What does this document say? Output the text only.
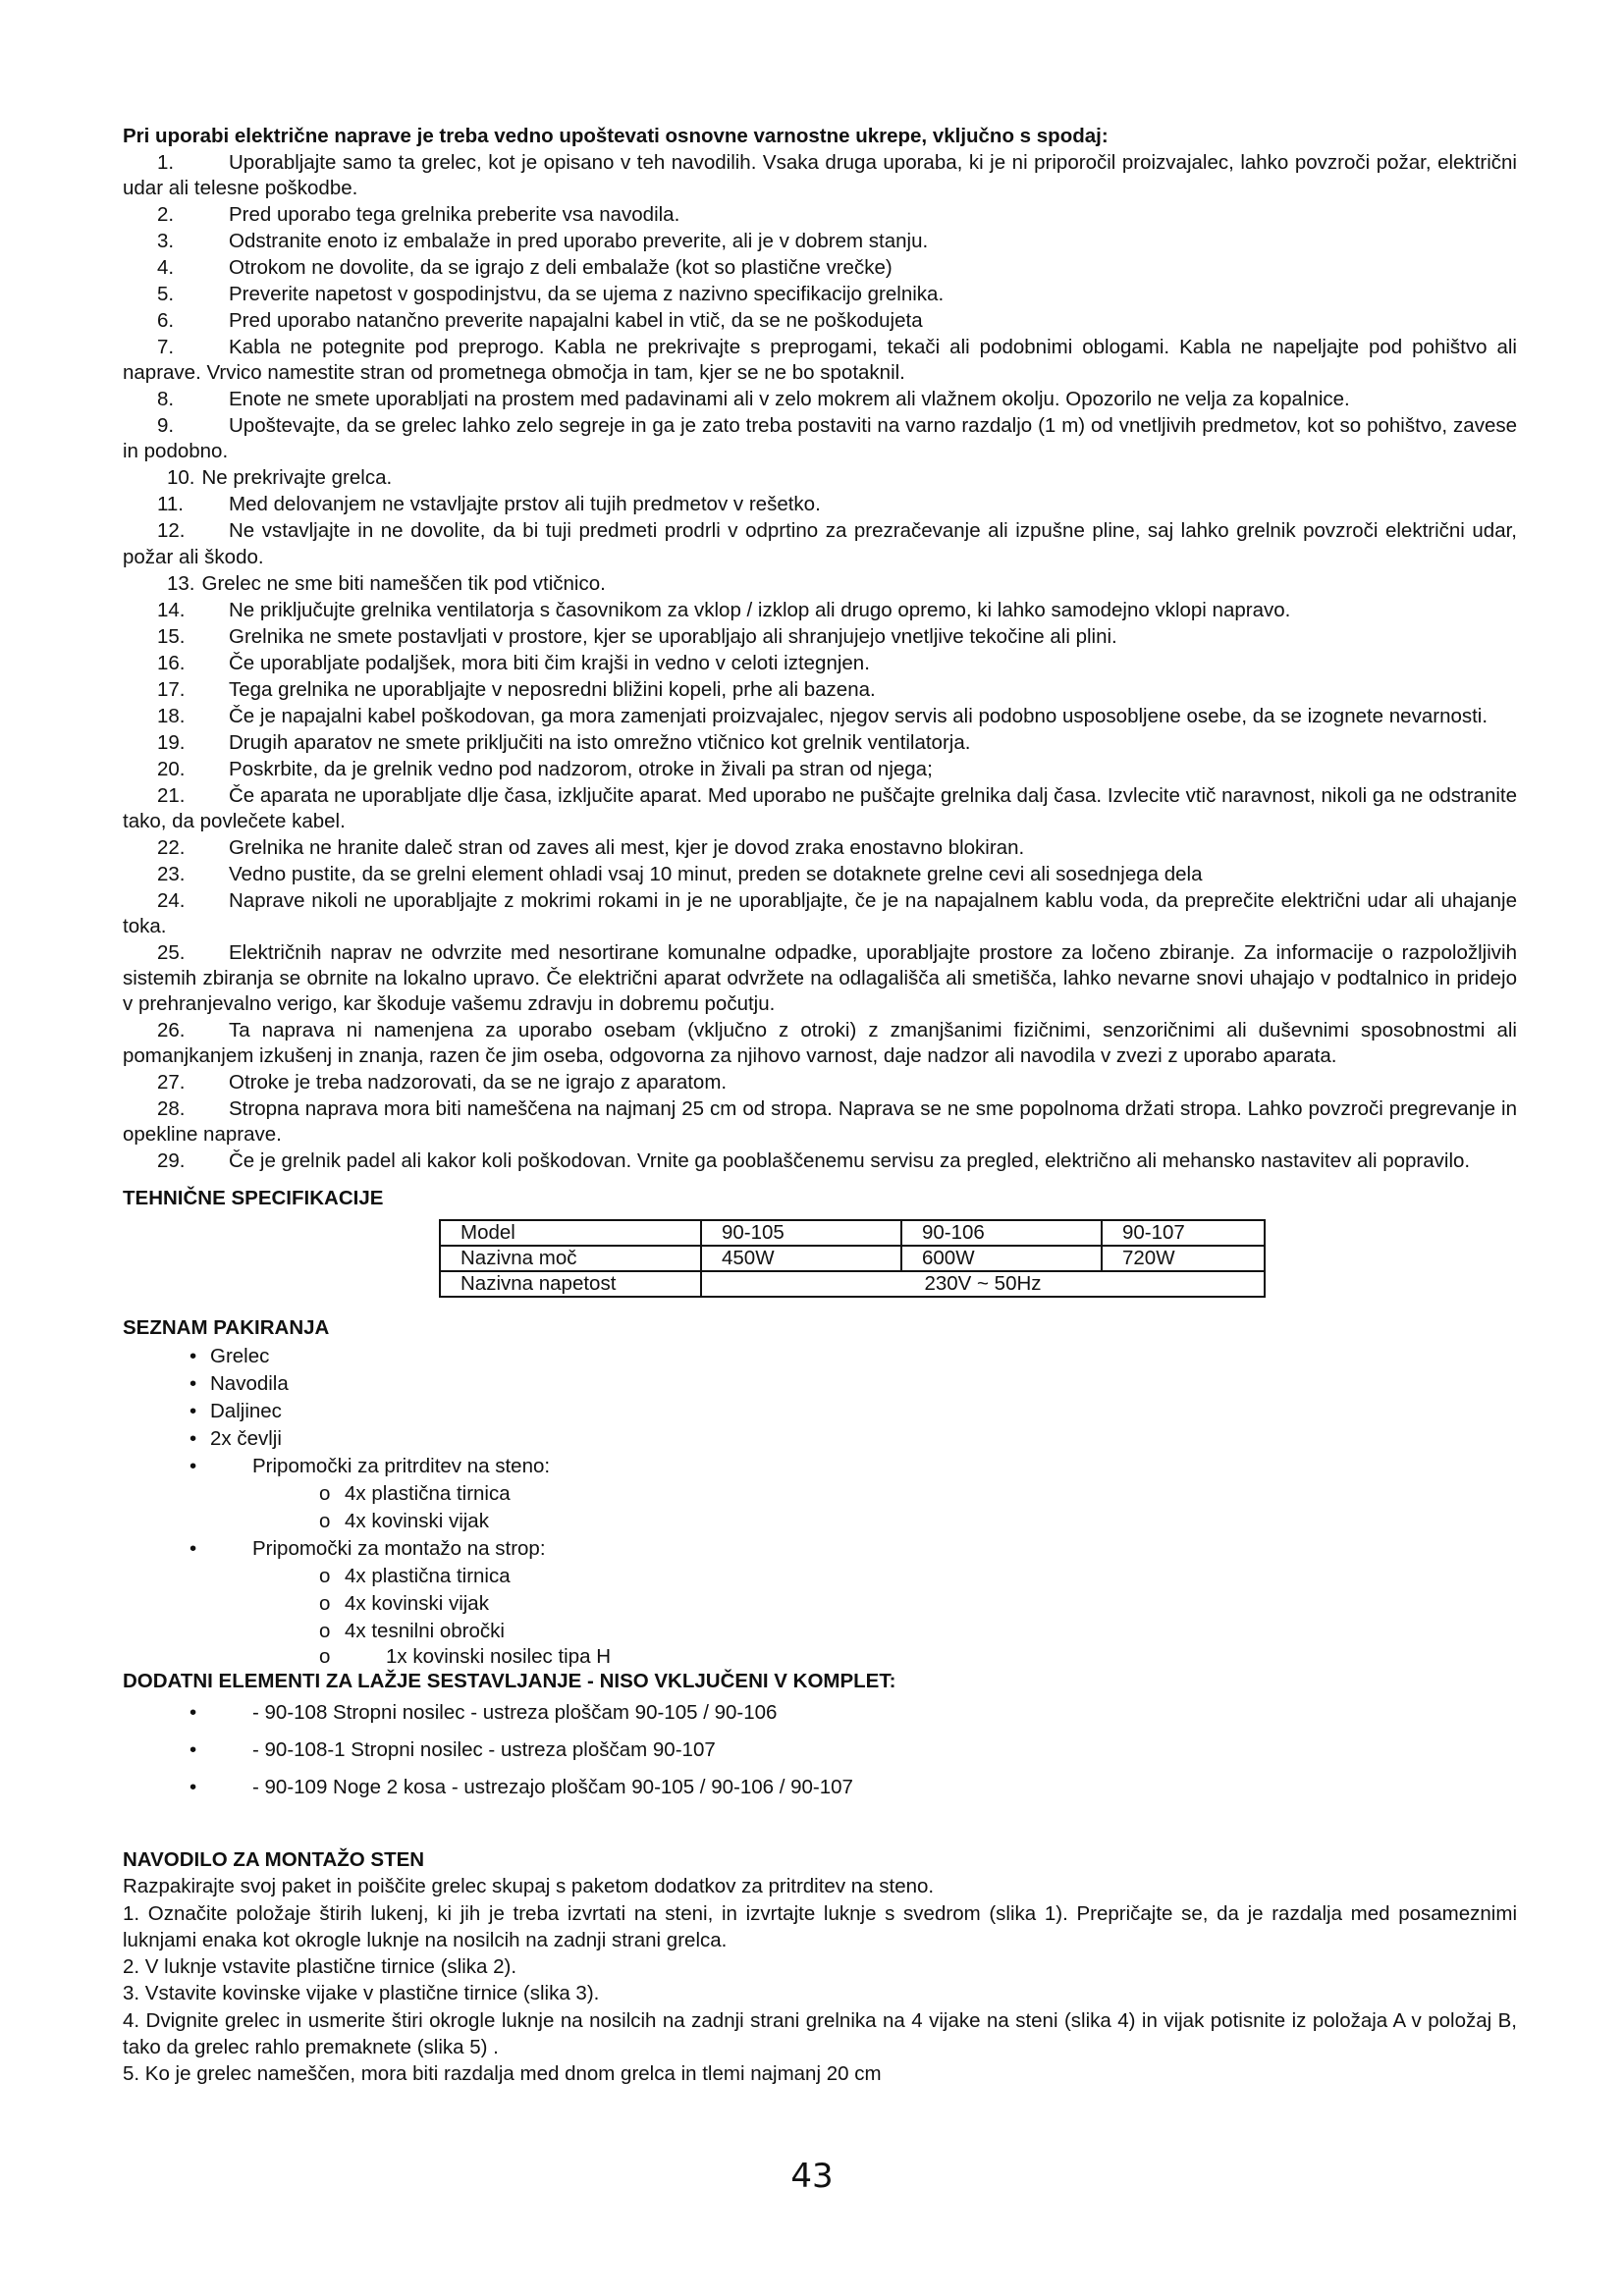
Pri uporabi električne naprave je treba vedno upoštevati osnovne varnostne ukrepe, vključno s spodaj:

1.	Uporabljajte samo ta grelec, kot je opisano v teh navodilih. Vsaka druga uporaba, ki je ni priporočil proizvajalec, lahko povzroči požar, električni udar ali telesne poškodbe.

2.	Pred uporabo tega grelnika preberite vsa navodila.

3.	Odstranite enoto iz embalaže in pred uporabo preverite, ali je v dobrem stanju.

4.	Otrokom ne dovolite, da se igrajo z deli embalaže (kot so plastične vrečke)

5.	Preverite napetost v gospodinjstvu, da se ujema z nazivno specifikacijo grelnika.

6.	Pred uporabo natančno preverite napajalni kabel in vtič, da se ne poškodujeta

7.	Kabla ne potegnite pod preprogo. Kabla ne prekrivajte s preprogami, tekači ali podobnimi oblogami. Kabla ne napeljajte pod pohištvo ali naprave. Vrvico namestite stran od prometnega območja in tam, kjer se ne bo spotaknil.

8.	Enote ne smete uporabljati na prostem med padavinami ali v zelo mokrem ali vlažnem okolju. Opozorilo ne velja za kopalnice.

9.	Upoštevajte, da se grelec lahko zelo segreje in ga je zato treba postaviti na varno razdaljo (1 m) od vnetljivih predmetov, kot so pohištvo, zavese in podobno.

10. Ne prekrivajte grelca.

11. Med delovanjem ne vstavljajte prstov ali tujih predmetov v rešetko.

12. Ne vstavljajte in ne dovolite, da bi tuji predmeti prodrli v odprtino za prezračevanje ali izpušne pline, saj lahko grelnik povzroči električni udar, požar ali škodo.

13. Grelec ne sme biti nameščen tik pod vtičnico.

14. Ne priključujte grelnika ventilatorja s časovnikom za vklop / izklop ali drugo opremo, ki lahko samodejno vklopi napravo.

15. Grelnika ne smete postavljati v prostore, kjer se uporabljajo ali shranjujejo vnetljive tekočine ali plini.

16. Če uporabljate podaljšek, mora biti čim krajši in vedno v celoti iztegnjen.

17. Tega grelnika ne uporabljajte v neposredni bližini kopeli, prhe ali bazena.

18. Če je napajalni kabel poškodovan, ga mora zamenjati proizvajalec, njegov servis ali podobno usposobljene osebe, da se izognete nevarnosti.

19. Drugih aparatov ne smete priključiti na isto omrežno vtičnico kot grelnik ventilatorja.

20. Poskrbite, da je grelnik vedno pod nadzorom, otroke in živali pa stran od njega;

21. Če aparata ne uporabljate dlje časa, izključite aparat. Med uporabo ne puščajte grelnika dalj časa. Izvlecite vtič naravnost, nikoli ga ne odstranite tako, da povlečete kabel.

22. Grelnika ne hranite daleč stran od zaves ali mest, kjer je dovod zraka enostavno blokiran.

23. Vedno pustite, da se grelni element ohladi vsaj 10 minut, preden se dotaknete grelne cevi ali sosednjega dela

24. Naprave nikoli ne uporabljajte z mokrimi rokami in je ne uporabljajte, če je na napajalnem kablu voda, da preprečite električni udar ali uhajanje toka.

25. Električnih naprav ne odvrzite med nesortirane komunalne odpadke, uporabljajte prostore za ločeno zbiranje. Za informacije o razpoložljivih sistemih zbiranja se obrnite na lokalno upravo. Če električni aparat odvržete na odlagališča ali smetišča, lahko nevarne snovi uhajajo v podtalnico in pridejo v prehranjevalno verigo, kar škoduje vašemu zdravju in dobremu počutju.

26. Ta naprava ni namenjena za uporabo osebam (vključno z otroki) z zmanjšanimi fizičnimi, senzoričnimi ali duševnimi sposobnostmi ali pomanjkanjem izkušenj in znanja, razen če jim oseba, odgovorna za njihovo varnost, daje nadzor ali navodila v zvezi z uporabo aparata.

27. Otroke je treba nadzorovati, da se ne igrajo z aparatom.

28. Stropna naprava mora biti nameščena na najmanj 25 cm od stropa. Naprava se ne sme popolnoma držati stropa. Lahko povzroči pregrevanje in opekline naprave.

29. Če je grelnik padel ali kakor koli poškodovan. Vrnite ga pooblaščenemu servisu za pregled, električno ali mehansko nastavitev ali popravilo.

TEHNIČNE SPECIFIKACIJE
Model	90-105	90-106	90-107
Nazivna moč	450W	600W	720W
Nazivna napetost	230V ~ 50Hz		
SEZNAM PAKIRANJA
• Grelec
• Navodila
• Daljinec
• 2x čevlji
•	Pripomočki za pritrditev na steno:
o 4x plastična tirnica
o 4x kovinski vijak
•	Pripomočki za montažo na strop:
o 4x plastična tirnica
o 4x kovinski vijak
o 4x tesnilni obročki
o	1x kovinski nosilec tipa H
DODATNI ELEMENTI ZA LAŽJE SESTAVLJANJE - NISO VKLJUČENI V KOMPLET:
•	- 90-108 Stropni nosilec - ustreza ploščam 90-105 / 90-106
•	- 90-108-1 Stropni nosilec - ustreza ploščam 90-107
•	- 90-109 Noge 2 kosa - ustrezajo ploščam 90-105 / 90-106 / 90-107
NAVODILO ZA MONTAŽO STEN

Razpakirajte svoj paket in poiščite grelec skupaj s paketom dodatkov za pritrditev na steno.

1. Označite položaje štirih lukenj, ki jih je treba izvrtati na steni, in izvrtajte luknje s svedrom (slika 1). Prepričajte se, da je razdalja med posameznimi luknjami enaka kot okrogle luknje na nosilcih na zadnji strani grelca.

2. V luknje vstavite plastične tirnice (slika 2).

3. Vstavite kovinske vijake v plastične tirnice (slika 3).

4. Dvignite grelec in usmerite štiri okrogle luknje na nosilcih na zadnji strani grelnika na 4 vijake na steni (slika 4) in vijak potisnite iz položaja A v položaj B, tako da grelec rahlo premaknete (slika 5) .

5. Ko je grelec nameščen, mora biti razdalja med dnom grelca in tlemi najmanj 20 cm

43
